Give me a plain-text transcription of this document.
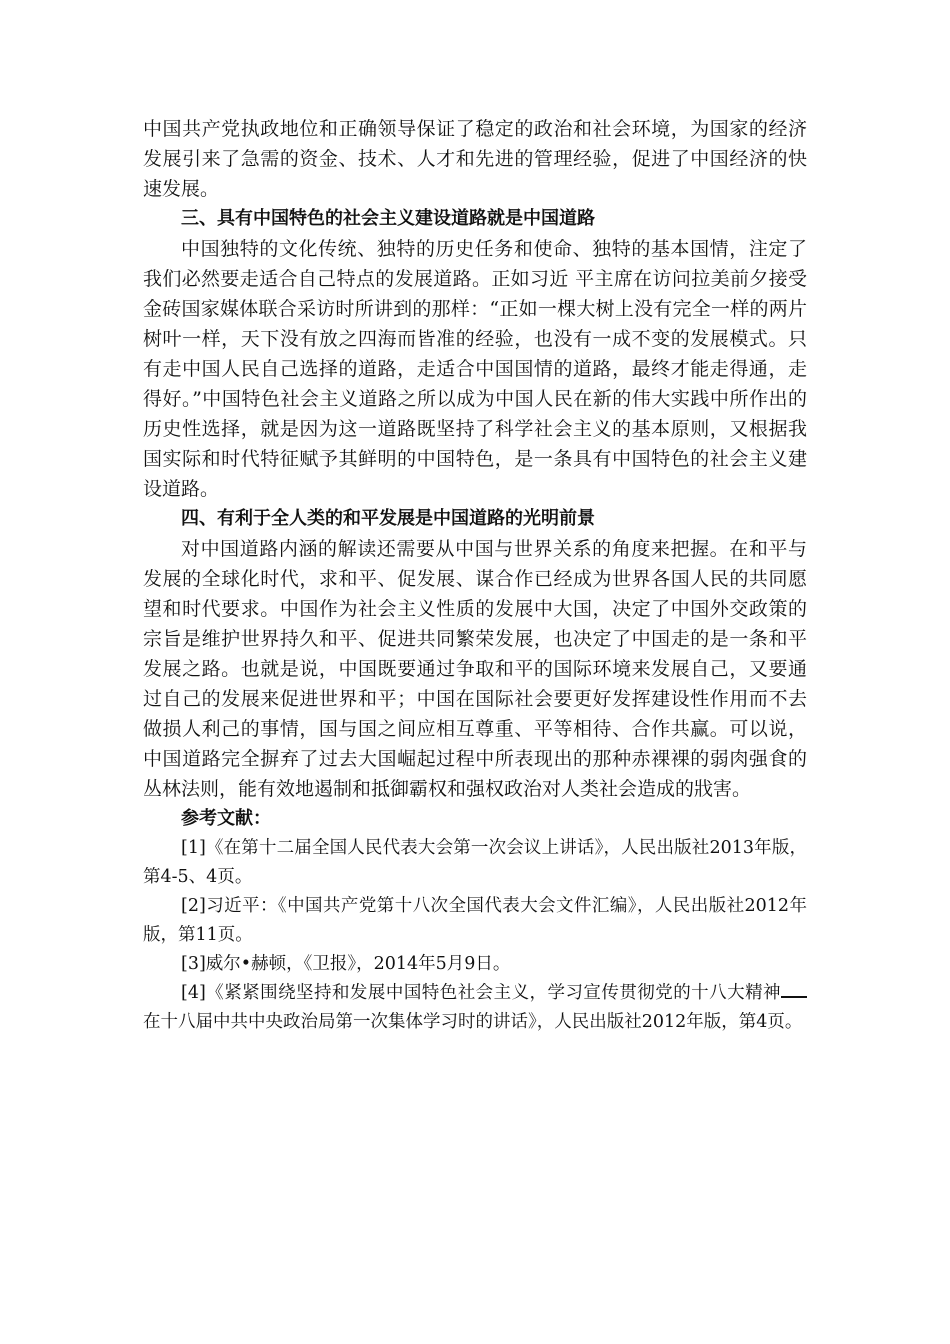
中国共产党执政地位和正确领导保证了稳定的政治和社会环境，为国家的经济发展引来了急需的资金、技术、人才和先进的管理经验，促进了中国经济的快速发展。

三、具有中国特色的社会主义建设道路就是中国道路

中国独特的文化传统、独特的历史任务和使命、独特的基本国情，注定了我们必然要走适合自己特点的发展道路。正如习近 平主席在访问拉美前夕接受金砖国家媒体联合采访时所讲到的那样：“正如一棵大树上没有完全一样的两片树叶一样，天下没有放之四海而皆准的经验，也没有一成不变的发展模式。只有走中国人民自己选择的道路，走适合中国国情的道路，最终才能走得通，走得好。”中国特色社会主义道路之所以成为中国人民在新的伟大实践中所作出的历史性选择，就是因为这一道路既坚持了科学社会主义的基本原则，又根据我国实际和时代特征赋予其鲜明的中国特色，是一条具有中国特色的社会主义建设道路。

四、有利于全人类的和平发展是中国道路的光明前景

对中国道路内涵的解读还需要从中国与世界关系的角度来把握。在和平与发展的全球化时代，求和平、促发展、谋合作已经成为世界各国人民的共同愿望和时代要求。中国作为社会主义性质的发展中大国，决定了中国外交政策的宗旨是维护世界持久和平、促进共同繁荣发展，也决定了中国走的是一条和平发展之路。也就是说，中国既要通过争取和平的国际环境来发展自己，又要通过自己的发展来促进世界和平；中国在国际社会要更好发挥建设性作用而不去做损人利己的事情，国与国之间应相互尊重、平等相待、合作共赢。可以说，中国道路完全摒弃了过去大国崛起过程中所表现出的那种赤裸裸的弱肉强食的丛林法则，能有效地遏制和抵御霸权和强权政治对人类社会造成的戕害。

参考文献：

[1]《在第十二届全国人民代表大会第一次会议上讲话》，人民出版社2013年版，第4-5、4页。

[2]习近平：《中国共产党第十八次全国代表大会文件汇编》，人民出版社2012年版，第11页。

[3]威尔•赫顿，《卫报》，2014年5月9日。

[4]《紧紧围绕坚持和发展中国特色社会主义，学习宣传贯彻党的十八大精神在十八届中共中央政治局第一次集体学习时的讲话》，人民出版社2012年版，第4页。
